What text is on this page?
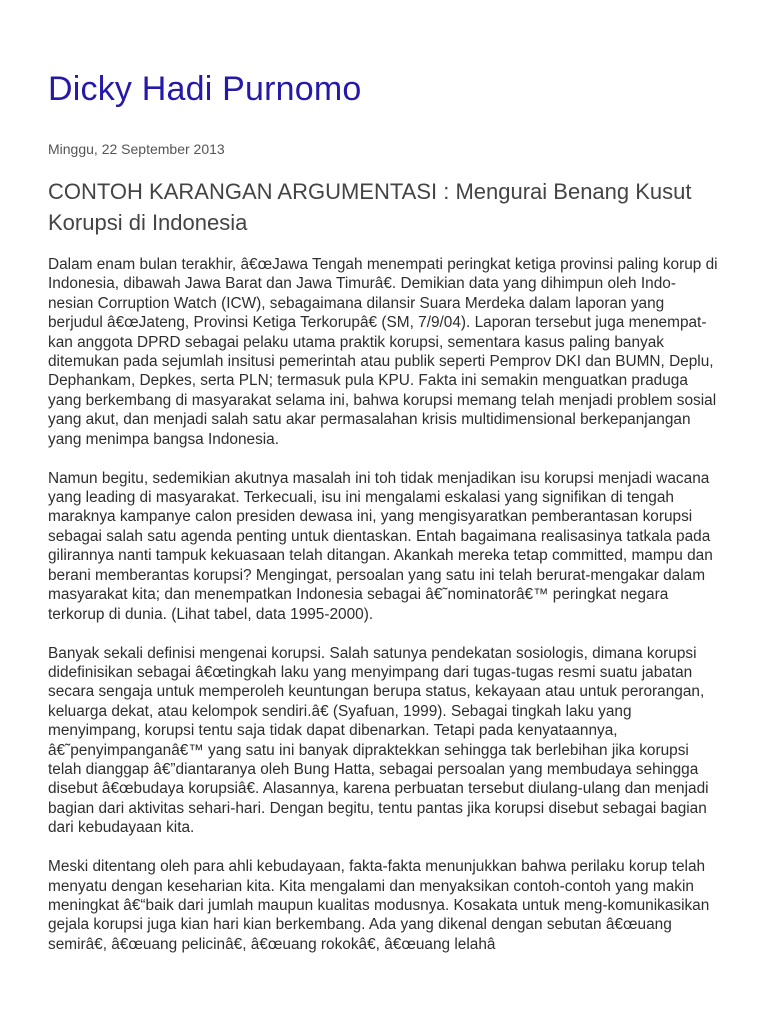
Dicky Hadi Purnomo
Minggu, 22 September 2013
CONTOH KARANGAN ARGUMENTASI : Mengurai Benang Kusut Korupsi di Indonesia

Dalam enam bulan terakhir, â€œJawa Tengah menempati peringkat ketiga provinsi paling korup di Indonesia, dibawah Jawa Barat dan Jawa Timurâ€. Demikian data yang dihimpun oleh Indo-nesian Corruption Watch (ICW), sebagaimana dilansir Suara Merdeka dalam laporan yang berjudul â€œJateng, Provinsi Ketiga Terkorupâ€ (SM, 7/9/04). Laporan tersebut juga menempat-kan anggota DPRD sebagai pelaku utama praktik korupsi, sementara kasus paling banyak ditemukan pada sejumlah insitusi pemerintah atau publik seperti Pemprov DKI dan BUMN, Deplu, Dephankam, Depkes, serta PLN; termasuk pula KPU. Fakta ini semakin menguatkan praduga yang berkembang di masyarakat selama ini, bahwa korupsi memang telah menjadi problem sosial yang akut, dan menjadi salah satu akar permasalahan krisis multidimensional berkepanjangan yang menimpa bangsa Indonesia.

Namun begitu, sedemikian akutnya masalah ini toh tidak menjadikan isu korupsi menjadi wacana yang leading di masyarakat. Terkecuali, isu ini mengalami eskalasi yang signifikan di tengah maraknya kampanye calon presiden dewasa ini, yang mengisyaratkan pemberantasan korupsi sebagai salah satu agenda penting untuk dientaskan. Entah bagaimana realisasinya tatkala pada gilirannya nanti tampuk kekuasaan telah ditangan. Akankah mereka tetap committed, mampu dan berani memberantas korupsi? Mengingat, persoalan yang satu ini telah berurat-mengakar dalam masyarakat kita; dan menempatkan Indonesia sebagai â€˜nominatorâ€™ peringkat negara terkorup di dunia. (Lihat tabel, data 1995-2000).

Banyak sekali definisi mengenai korupsi. Salah satunya pendekatan sosiologis, dimana korupsi didefinisikan sebagai â€œtingkah laku yang menyimpang dari tugas-tugas resmi suatu jabatan secara sengaja untuk memperoleh keuntungan berupa status, kekayaan atau untuk perorangan, keluarga dekat, atau kelompok sendiri.â€ (Syafuan, 1999). Sebagai tingkah laku yang menyimpang, korupsi tentu saja tidak dapat dibenarkan. Tetapi pada kenyataannya, â€˜penyimpanganâ€™ yang satu ini banyak dipraktekkan sehingga tak berlebihan jika korupsi telah dianggap â€”diantaranya oleh Bung Hatta, sebagai persoalan yang membudaya sehingga disebut â€œbudaya korupsiâ€. Alasannya, karena perbuatan tersebut diulang-ulang dan menjadi bagian dari aktivitas sehari-hari. Dengan begitu, tentu pantas jika korupsi disebut sebagai bagian dari kebudayaan kita.

Meski ditentang oleh para ahli kebudayaan, fakta-fakta menunjukkan bahwa perilaku korup telah menyatu dengan keseharian kita. Kita mengalami dan menyaksikan contoh-contoh yang makin meningkat â€“baik dari jumlah maupun kualitas modusnya. Kosakata untuk meng-komunikasikan gejala korupsi juga kian hari kian berkembang. Ada yang dikenal dengan sebutan â€œuang semirâ€, â€œuang pelicinâ€, â€œuang rokokâ€, â€œuang lelahâ
